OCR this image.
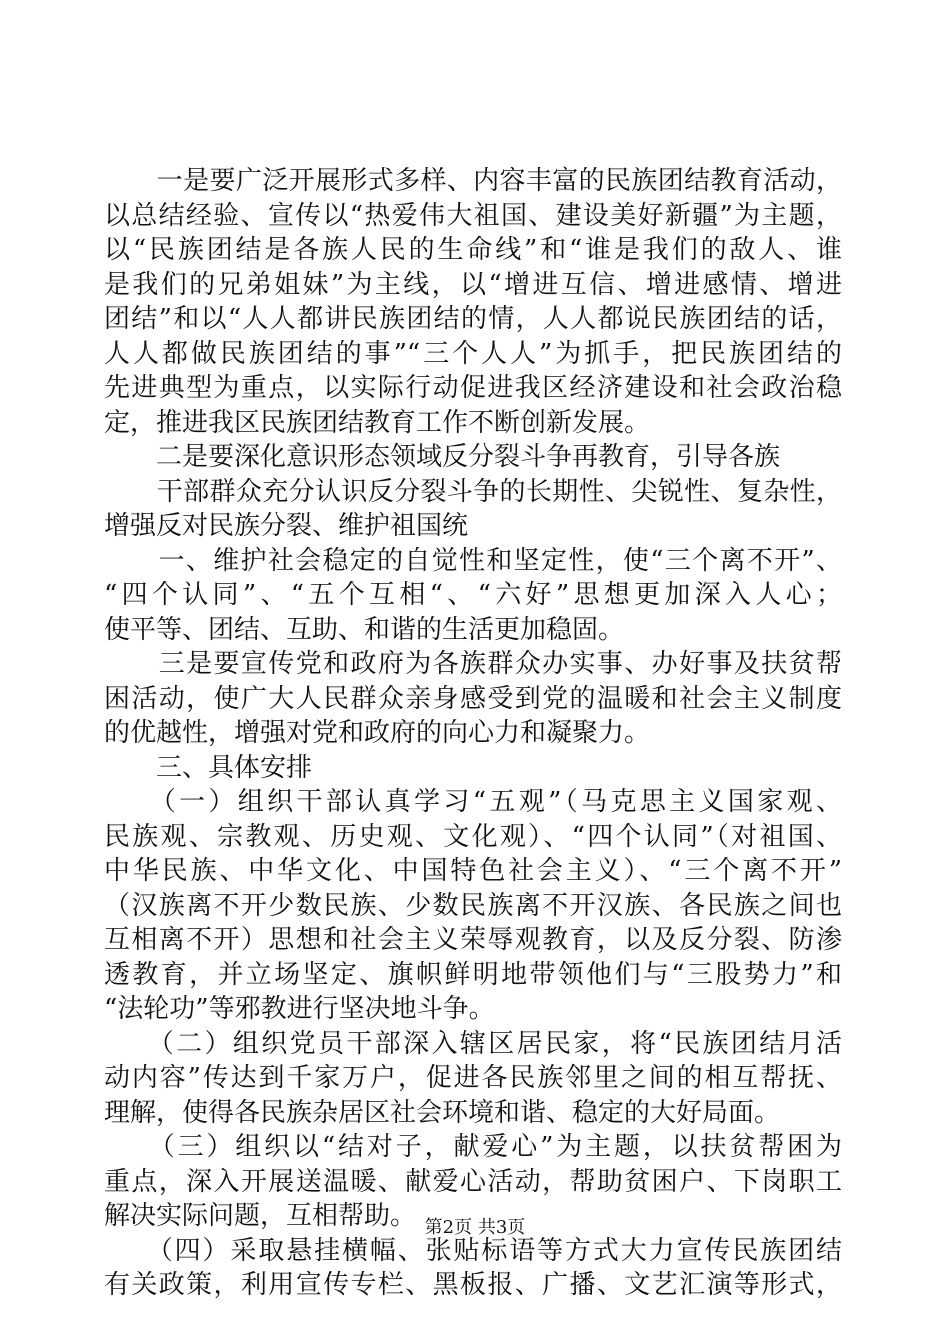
　　一是要广泛开展形式多样、内容丰富的民族团结教育活动，
以总结经验、宣传以“热爱伟大祖国、建设美好新疆”为主题，
以“民族团结是各族人民的生命线”和“谁是我们的敌人、谁
是我们的兄弟姐妹”为主线，以“增进互信、增进感情、增进
团结”和以“人人都讲民族团结的情，人人都说民族团结的话，
人人都做民族团结的事”“三个人人”为抓手，把民族团结的
先进典型为重点，以实际行动促进我区经济建设和社会政治稳
定，推进我区民族团结教育工作不断创新发展。
　　二是要深化意识形态领域反分裂斗争再教育，引导各族
　　干部群众充分认识反分裂斗争的长期性、尖锐性、复杂性，
增强反对民族分裂、维护祖国统
　　一、维护社会稳定的自觉性和坚定性，使“三个离不开”、
“四个认同”、“五个互相“、“六好”思想更加深入人心；
使平等、团结、互助、和谐的生活更加稳固。
　　三是要宣传党和政府为各族群众办实事、办好事及扶贫帮
困活动，使广大人民群众亲身感受到党的温暖和社会主义制度
的优越性，增强对党和政府的向心力和凝聚力。
　　三、具体安排
　　（一）组织干部认真学习“五观”（马克思主义国家观、
民族观、宗教观、历史观、文化观）、“四个认同”（对祖国、
中华民族、中华文化、中国特色社会主义）、“三个离不开”
（汉族离不开少数民族、少数民族离不开汉族、各民族之间也
互相离不开）思想和社会主义荣辱观教育，以及反分裂、防渗
透教育，并立场坚定、旗帜鲜明地带领他们与“三股势力”和
“法轮功”等邪教进行坚决地斗争。
　　（二）组织党员干部深入辖区居民家，将“民族团结月活
动内容”传达到千家万户，促进各民族邻里之间的相互帮抚、
理解，使得各民族杂居区社会环境和谐、稳定的大好局面。
　　（三）组织以“结对子，献爱心”为主题，以扶贫帮困为
重点，深入开展送温暖、献爱心活动，帮助贫困户、下岗职工
解决实际问题，互相帮助。
　　（四）采取悬挂横幅、张贴标语等方式大力宣传民族团结
有关政策，利用宣传专栏、黑板报、广播、文艺汇演等形式，
第2页 共3页
